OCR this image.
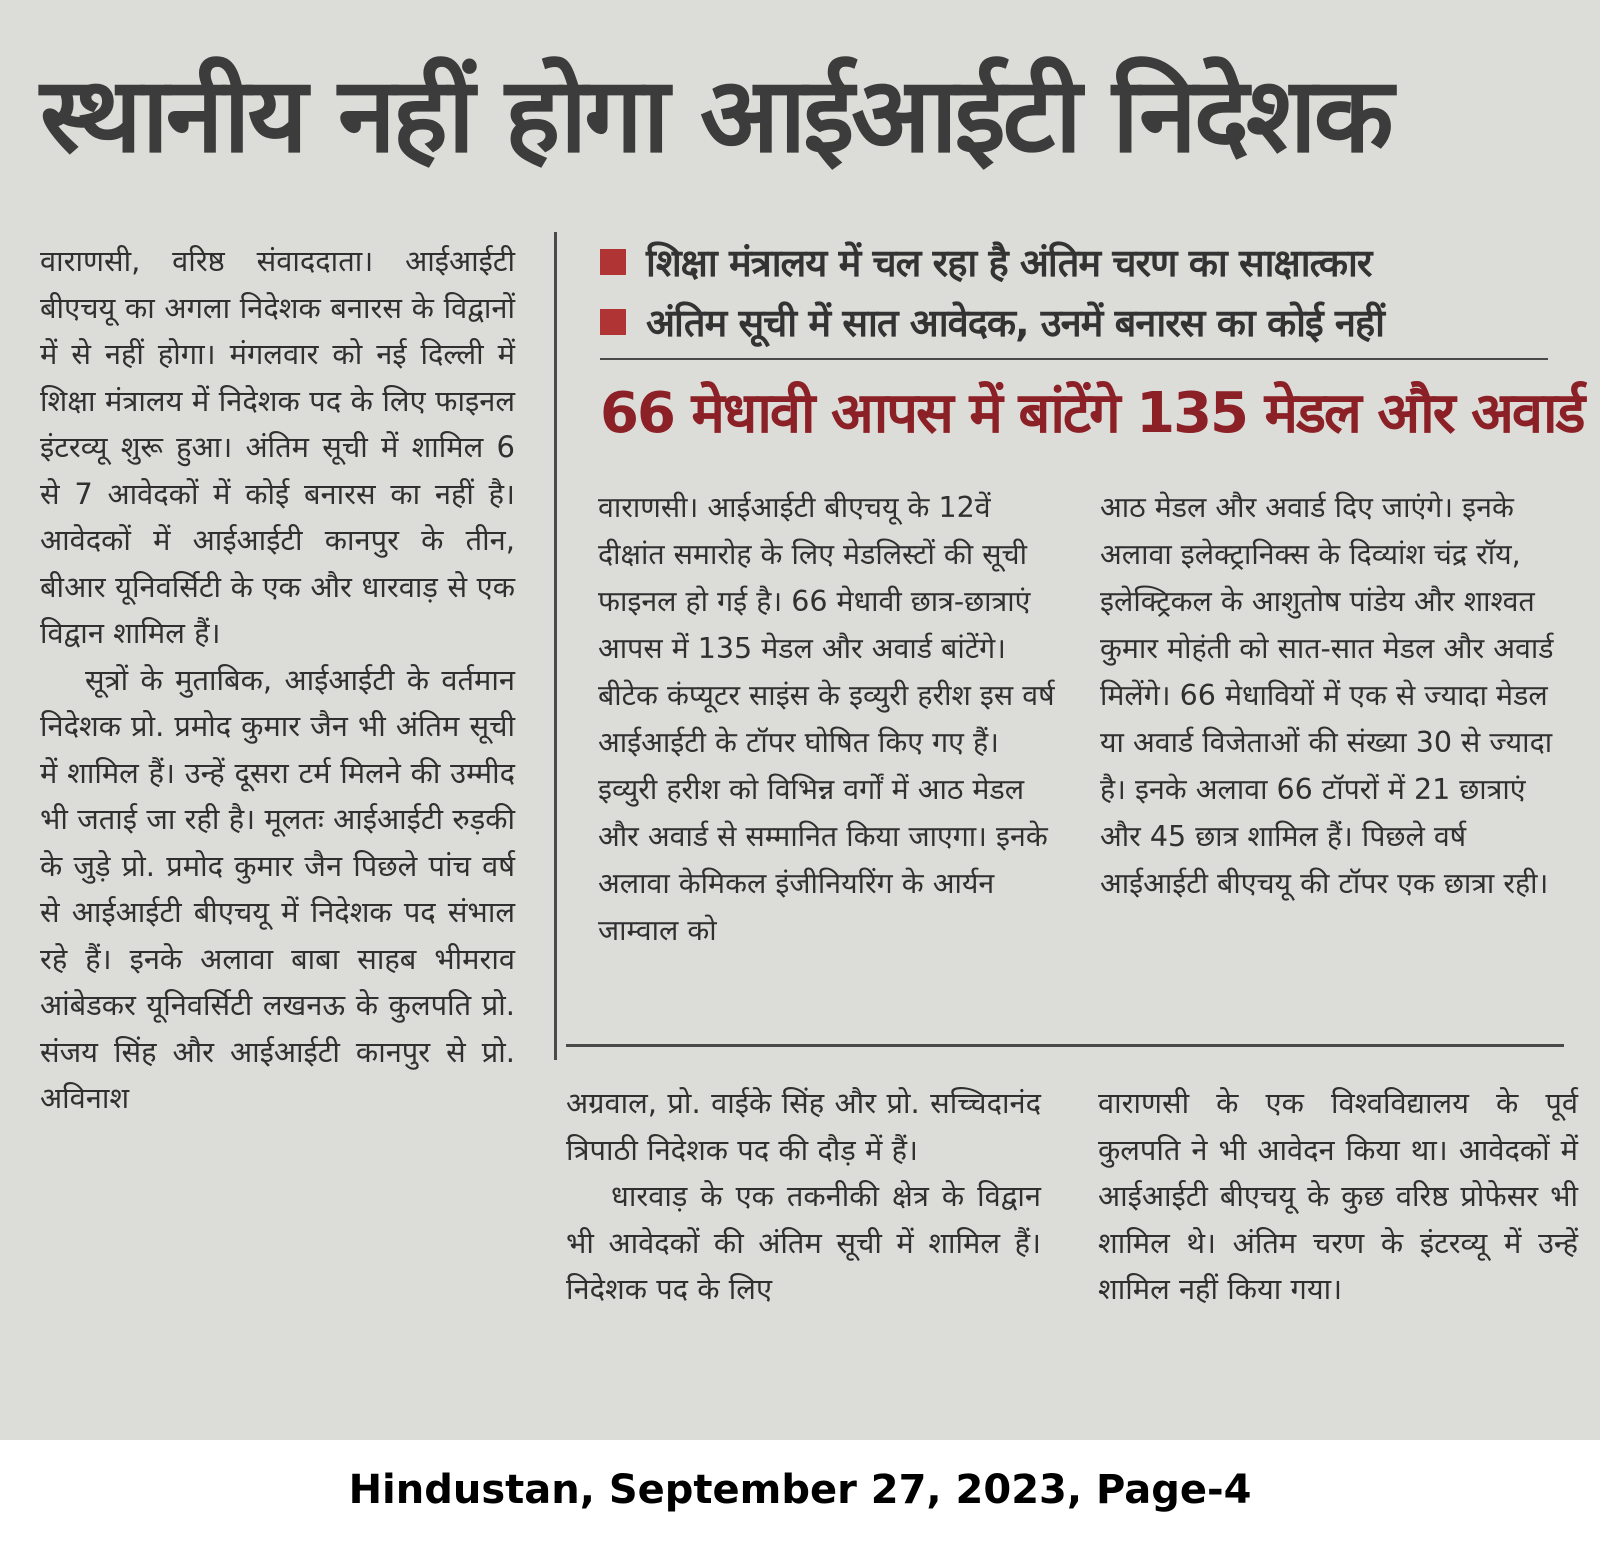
स्थानीय नहीं होगा आईआईटी निदेशक

वाराणसी, वरिष्ठ संवाददाता। आईआईटी बीएचयू का अगला निदेशक बनारस के विद्वानों में से नहीं होगा। मंगलवार को नई दिल्ली में शिक्षा मंत्रालय में निदेशक पद के लिए फाइनल इंटरव्यू शुरू हुआ। अंतिम सूची में शामिल 6 से 7 आवेदकों में कोई बनारस का नहीं है। आवेदकों में आईआईटी कानपुर के तीन, बीआर यूनिवर्सिटी के एक और धारवाड़ से एक विद्वान शामिल हैं।

सूत्रों के मुताबिक, आईआईटी के वर्तमान निदेशक प्रो. प्रमोद कुमार जैन भी अंतिम सूची में शामिल हैं। उन्हें दूसरा टर्म मिलने की उम्मीद भी जताई जा रही है। मूलतः आईआईटी रुड़की के जुड़े प्रो. प्रमोद कुमार जैन पिछले पांच वर्ष से आईआईटी बीएचयू में निदेशक पद संभाल रहे हैं। इनके अलावा बाबा साहब भीमराव आंबेडकर यूनिवर्सिटी लखनऊ के कुलपति प्रो. संजय सिंह और आईआईटी कानपुर से प्रो. अविनाश

शिक्षा मंत्रालय में चल रहा है अंतिम चरण का साक्षात्कार
अंतिम सूची में सात आवेदक, उनमें बनारस का कोई नहीं
66 मेधावी आपस में बांटेंगे 135 मेडल और अवार्ड

वाराणसी। आईआईटी बीएचयू के 12वें दीक्षांत समारोह के लिए मेडलिस्टों की सूची फाइनल हो गई है। 66 मेधावी छात्र-छात्राएं आपस में 135 मेडल और अवार्ड बांटेंगे। बीटेक कंप्यूटर साइंस के इव्युरी हरीश इस वर्ष आईआईटी के टॉपर घोषित किए गए हैं। इव्युरी हरीश को विभिन्न वर्गों में आठ मेडल और अवार्ड से सम्मानित किया जाएगा। इनके अलावा केमिकल इंजीनियरिंग के आर्यन जाम्वाल को

आठ मेडल और अवार्ड दिए जाएंगे। इनके अलावा इलेक्ट्रानिक्स के दिव्यांश चंद्र रॉय, इलेक्ट्रिकल के आशुतोष पांडेय और शाश्वत कुमार मोहंती को सात-सात मेडल और अवार्ड मिलेंगे। 66 मेधावियों में एक से ज्यादा मेडल या अवार्ड विजेताओं की संख्या 30 से ज्यादा है। इनके अलावा 66 टॉपरों में 21 छात्राएं और 45 छात्र शामिल हैं। पिछले वर्ष आईआईटी बीएचयू की टॉपर एक छात्रा रही।

अग्रवाल, प्रो. वाईके सिंह और प्रो. सच्चिदानंद त्रिपाठी निदेशक पद की दौड़ में हैं।

धारवाड़ के एक तकनीकी क्षेत्र के विद्वान भी आवेदकों की अंतिम सूची में शामिल हैं। निदेशक पद के लिए

वाराणसी के एक विश्वविद्यालय के पूर्व कुलपति ने भी आवेदन किया था। आवेदकों में आईआईटी बीएचयू के कुछ वरिष्ठ प्रोफेसर भी शामिल थे। अंतिम चरण के इंटरव्यू में उन्हें शामिल नहीं किया गया।

Hindustan, September 27, 2023, Page-4
